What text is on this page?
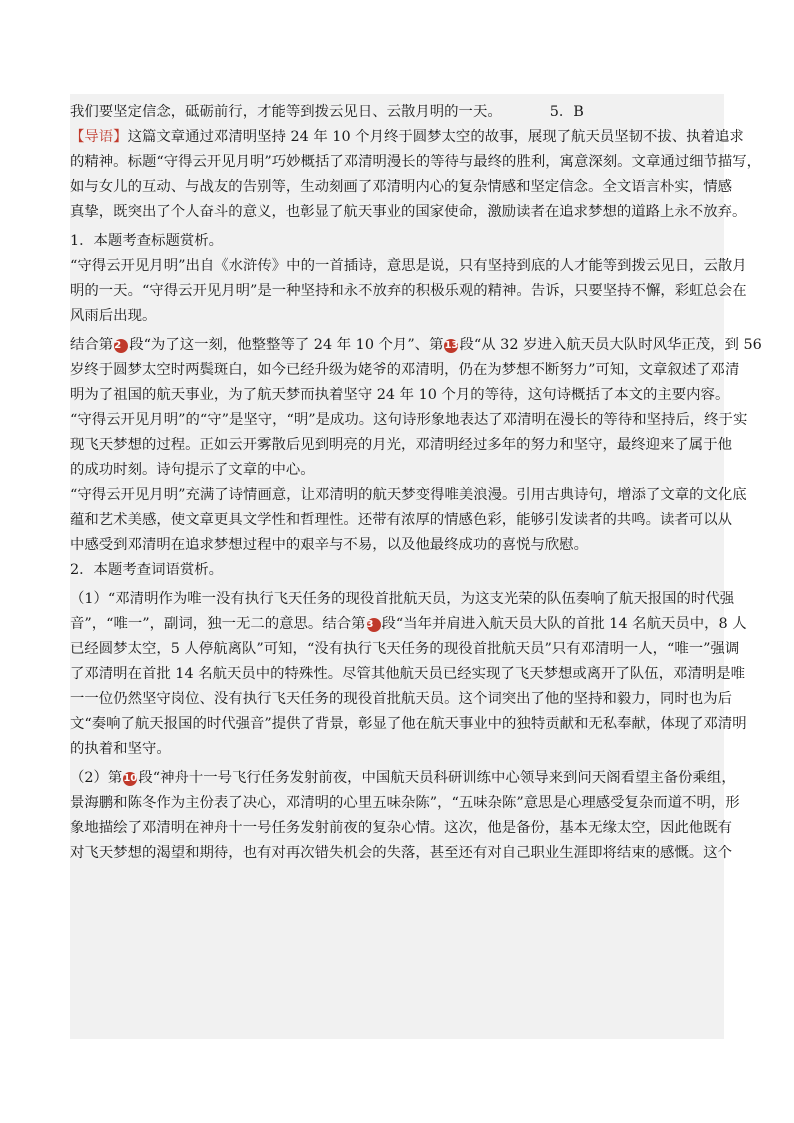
我们要坚定信念，砥砺前行，才能等到拨云见日、云散月明的一天。	5．B
【导语】这篇文章通过邓清明坚持 24 年 10 个月终于圆梦太空的故事，展现了航天员坚韧不拔、执着追求
的精神。标题“守得云开见月明”巧妙概括了邓清明漫长的等待与最终的胜利，寓意深刻。文章通过细节描写，
如与女儿的互动、与战友的告别等，生动刻画了邓清明内心的复杂情感和坚定信念。全文语言朴实，情感
真挚，既突出了个人奋斗的意义，也彰显了航天事业的国家使命，激励读者在追求梦想的道路上永不放弃。
1．本题考查标题赏析。
“守得云开见月明”出自《水浒传》中的一首插诗，意思是说，只有坚持到底的人才能等到拨云见日，云散月
明的一天。“守得云开见月明”是一种坚持和永不放弃的积极乐观的精神。告诉，只要坚持不懈，彩虹总会在
风雨后出现。
结合第2 段“为了这一刻，他整整等了 24 年 10 个月”、第13段“从 32 岁进入航天员大队时风华正茂，到 56
岁终于圆梦太空时两鬓斑白，如今已经升级为姥爷的邓清明，仍在为梦想不断努力”可知，文章叙述了邓清
明为了祖国的航天事业，为了航天梦而执着坚守 24 年 10 个月的等待，这句诗概括了本文的主要内容。
“守得云开见月明”的“守”是坚守，“明”是成功。这句诗形象地表达了邓清明在漫长的等待和坚持后，终于实
现飞天梦想的过程。正如云开雾散后见到明亮的月光，邓清明经过多年的努力和坚守，最终迎来了属于他
的成功时刻。诗句提示了文章的中心。
“守得云开见月明”充满了诗情画意，让邓清明的航天梦变得唯美浪漫。引用古典诗句，增添了文章的文化底
蕴和艺术美感，使文章更具文学性和哲理性。还带有浓厚的情感色彩，能够引发读者的共鸣。读者可以从
中感受到邓清明在追求梦想过程中的艰辛与不易，以及他最终成功的喜悦与欣慰。
2．本题考查词语赏析。
（1）“邓清明作为唯一没有执行飞天任务的现役首批航天员，为这支光荣的队伍奏响了航天报国的时代强
音”，“唯一”，副词，独一无二的意思。结合第3 段“当年并肩进入航天员大队的首批 14 名航天员中，8 人
已经圆梦太空，5 人停航离队”可知，“没有执行飞天任务的现役首批航天员”只有邓清明一人，“唯一”强调
了邓清明在首批 14 名航天员中的特殊性。尽管其他航天员已经实现了飞天梦想或离开了队伍，邓清明是唯
一一位仍然坚守岗位、没有执行飞天任务的现役首批航天员。这个词突出了他的坚持和毅力，同时也为后
文“奏响了航天报国的时代强音”提供了背景，彰显了他在航天事业中的独特贡献和无私奉献，体现了邓清明
的执着和坚守。
（2）第10段“神舟十一号飞行任务发射前夜，中国航天员科研训练中心领导来到问天阁看望主备份乘组，
景海鹏和陈冬作为主份表了决心，邓清明的心里五味杂陈”，“五味杂陈”意思是心理感受复杂而道不明，形
象地描绘了邓清明在神舟十一号任务发射前夜的复杂心情。这次，他是备份，基本无缘太空，因此他既有
对飞天梦想的渴望和期待，也有对再次错失机会的失落，甚至还有对自己职业生涯即将结束的感慨。这个
